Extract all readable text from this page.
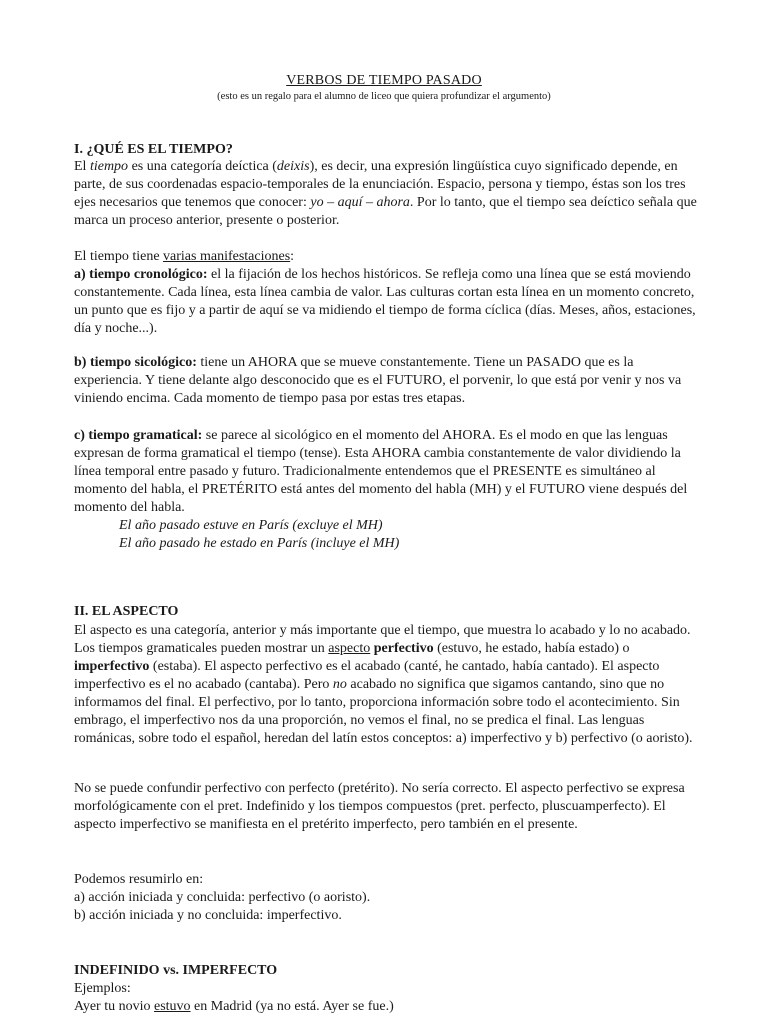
VERBOS DE TIEMPO PASADO
(esto es un regalo para el alumno de liceo que quiera profundizar el argumento)

I. ¿QUÉ ES EL TIEMPO?

El tiempo es una categoría deíctica (deixis), es decir, una expresión lingüística cuyo significado depende, en parte, de sus coordenadas espacio-temporales de la enunciación. Espacio, persona y tiempo, éstas son los tres ejes necesarios que tenemos que conocer: yo – aquí – ahora. Por lo tanto, que el tiempo sea deíctico señala que marca un proceso anterior, presente o posterior.

El tiempo tiene varias manifestaciones:

a) tiempo cronológico: el la fijación de los hechos históricos. Se refleja como una línea que se está moviendo constantemente. Cada línea, esta línea cambia de valor. Las culturas cortan esta línea en un momento concreto, un punto que es fijo y a partir de aquí se va midiendo el tiempo de forma cíclica (días. Meses, años, estaciones, día y noche...).

b) tiempo sicológico: tiene un AHORA que se mueve constantemente. Tiene un PASADO que es la experiencia. Y tiene delante algo desconocido que es el FUTURO, el porvenir, lo que está por venir y nos va viniendo encima. Cada momento de tiempo pasa por estas tres etapas.

c) tiempo gramatical: se parece al sicológico en el momento del AHORA. Es el modo en que las lenguas expresan de forma gramatical el tiempo (tense). Esta AHORA cambia constantemente de valor dividiendo la línea temporal entre pasado y futuro. Tradicionalmente entendemos que el PRESENTE es simultáneo al momento del habla, el PRETÉRITO está antes del momento del habla (MH) y el FUTURO viene después del momento del habla.

El año pasado estuve en París (excluye el MH)

El año pasado he estado en París (incluye el MH)

II. EL ASPECTO

El aspecto es una categoría, anterior y más importante que el tiempo, que muestra lo acabado y lo no acabado. Los tiempos gramaticales pueden mostrar un aspecto perfectivo (estuvo, he estado, había estado) o imperfectivo (estaba). El aspecto perfectivo es el acabado (canté, he cantado, había cantado). El aspecto imperfectivo es el no acabado (cantaba). Pero no acabado no significa que sigamos cantando, sino que no informamos del final. El perfectivo, por lo tanto, proporciona información sobre todo el acontecimiento. Sin embrago, el imperfectivo nos da una proporción, no vemos el final, no se predica el final. Las lenguas románicas, sobre todo el español, heredan del latín estos conceptos: a) imperfectivo y b) perfectivo (o aoristo).

No se puede confundir perfectivo con perfecto (pretérito). No sería correcto. El aspecto perfectivo se expresa morfológicamente con el pret. Indefinido y los tiempos compuestos (pret. perfecto, pluscuamperfecto). El aspecto imperfectivo se manifiesta en el pretérito imperfecto, pero también en el presente.

Podemos resumirlo en:

a) acción iniciada y concluida: perfectivo (o aoristo).

b) acción iniciada y no concluida: imperfectivo.

INDEFINIDO vs. IMPERFECTO

Ejemplos:

Ayer tu novio estuvo en Madrid (ya no está. Ayer se fue.)
